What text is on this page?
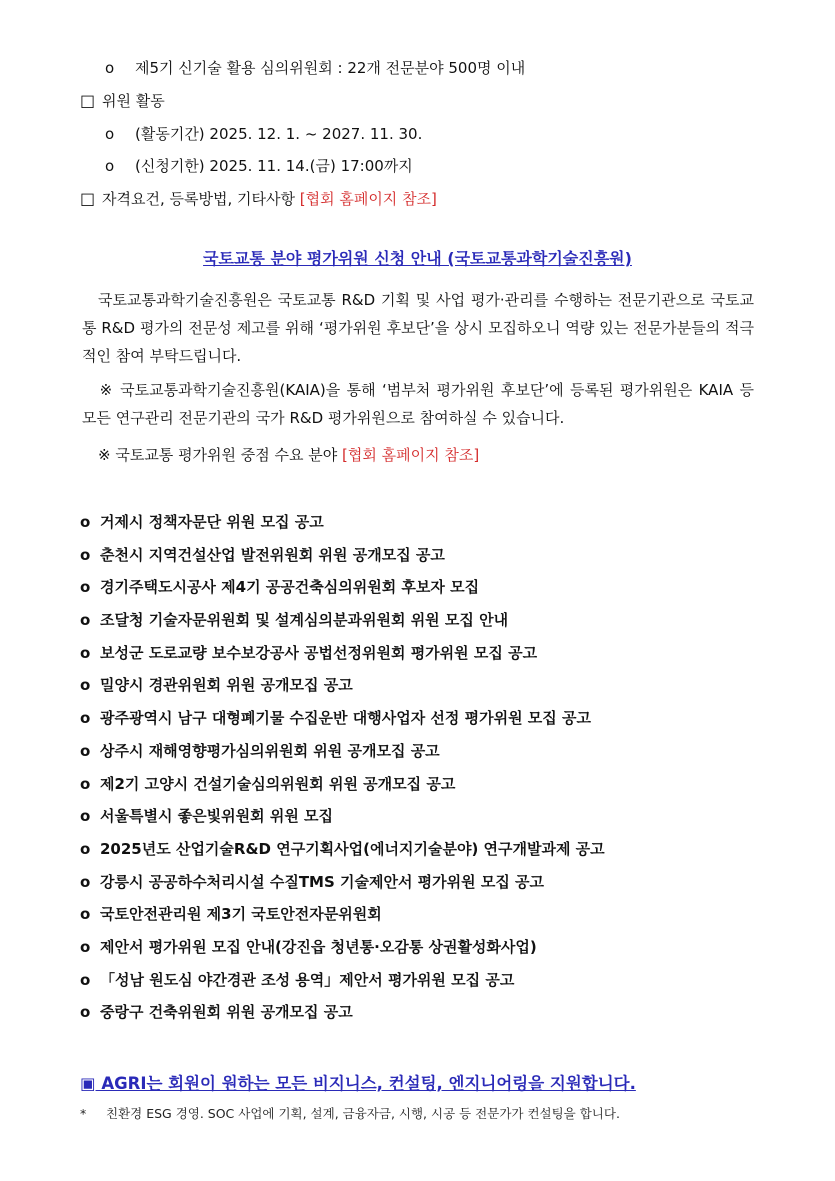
o 제5기 신기술 활용 심의위원회 : 22개 전문분야 500명 이내
□ 위원 활동
o (활동기간) 2025. 12. 1. ~ 2027. 11. 30.
o (신청기한) 2025. 11. 14.(금) 17:00까지
□ 자격요건, 등록방법, 기타사항 [협회 홈페이지 참조]
국토교통 분야 평가위원 신청 안내 (국토교통과학기술진흥원)
국토교통과학기술진흥원은 국토교통 R&D 기획 및 사업 평가·관리를 수행하는 전문기관으로 국토교통 R&D 평가의 전문성 제고를 위해 ‘평가위원 후보단’을 상시 모집하오니 역량 있는 전문가분들의 적극적인 참여 부탁드립니다.
※ 국토교통과학기술진흥원(KAIA)을 통해 ‘범부처 평가위원 후보단’에 등록된 평가위원은 KAIA 등 모든 연구관리 전문기관의 국가 R&D 평가위원으로 참여하실 수 있습니다.
※ 국토교통 평가위원 중점 수요 분야 [협회 홈페이지 참조]
o 거제시 정책자문단 위원 모집 공고
o 춘천시 지역건설산업 발전위원회 위원 공개모집 공고
o 경기주택도시공사 제4기 공공건축심의위원회 후보자 모집
o 조달청 기술자문위원회 및 설계심의분과위원회 위원 모집 안내
o 보성군 도로교량 보수보강공사 공법선정위원회 평가위원 모집 공고
o 밀양시 경관위원회 위원 공개모집 공고
o 광주광역시 남구 대형폐기물 수집운반 대행사업자 선정 평가위원 모집 공고
o 상주시 재해영향평가심의위원회 위원 공개모집 공고
o 제2기 고양시 건설기술심의위원회 위원 공개모집 공고
o 서울특별시 좋은빛위원회 위원 모집
o 2025년도 산업기술R&D 연구기획사업(에너지기술분야) 연구개발과제 공고
o 강릉시 공공하수처리시설 수질TMS 기술제안서 평가위원 모집 공고
o 국토안전관리원 제3기 국토안전자문위원회
o 제안서 평가위원 모집 안내(강진읍 청년통·오감통 상권활성화사업)
o 「성남 원도심 야간경관 조성 용역」제안서 평가위원 모집 공고
o 중랑구 건축위원회 위원 공개모집 공고
▣ AGRI는 회원이 원하는 모든 비지니스, 컨설팅, 엔지니어링을 지원합니다.
* 친환경 ESG 경영. SOC 사업에 기획, 설계, 금융자금, 시행, 시공 등 전문가가 컨설팅을 합니다.
